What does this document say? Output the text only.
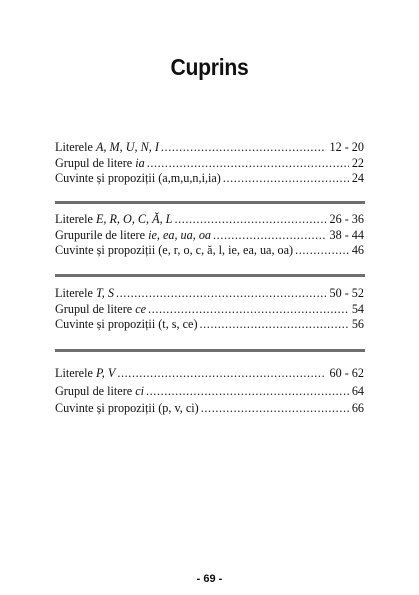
Cuprins
Literele A, M, U, N, I .....	12 - 20
Grupul de litere ia .....	22
Cuvinte și propoziții (a,m,u,n,i,ia) .....	24
Literele E, R, O, C, Ă, L .....	26 - 36
Grupurile de litere ie, ea, ua, oa .....	38 - 44
Cuvinte și propoziții (e, r, o, c, ă, l, ie, ea, ua, oa) .....	46
Literele T, S .....	50 - 52
Grupul de litere ce .....	54
Cuvinte și propoziții (t, s, ce) .....	56
Literele P, V .....	60 - 62
Grupul de litere ci .....	64
Cuvinte și propoziții (p, v, ci) .....	66
- 69 -
